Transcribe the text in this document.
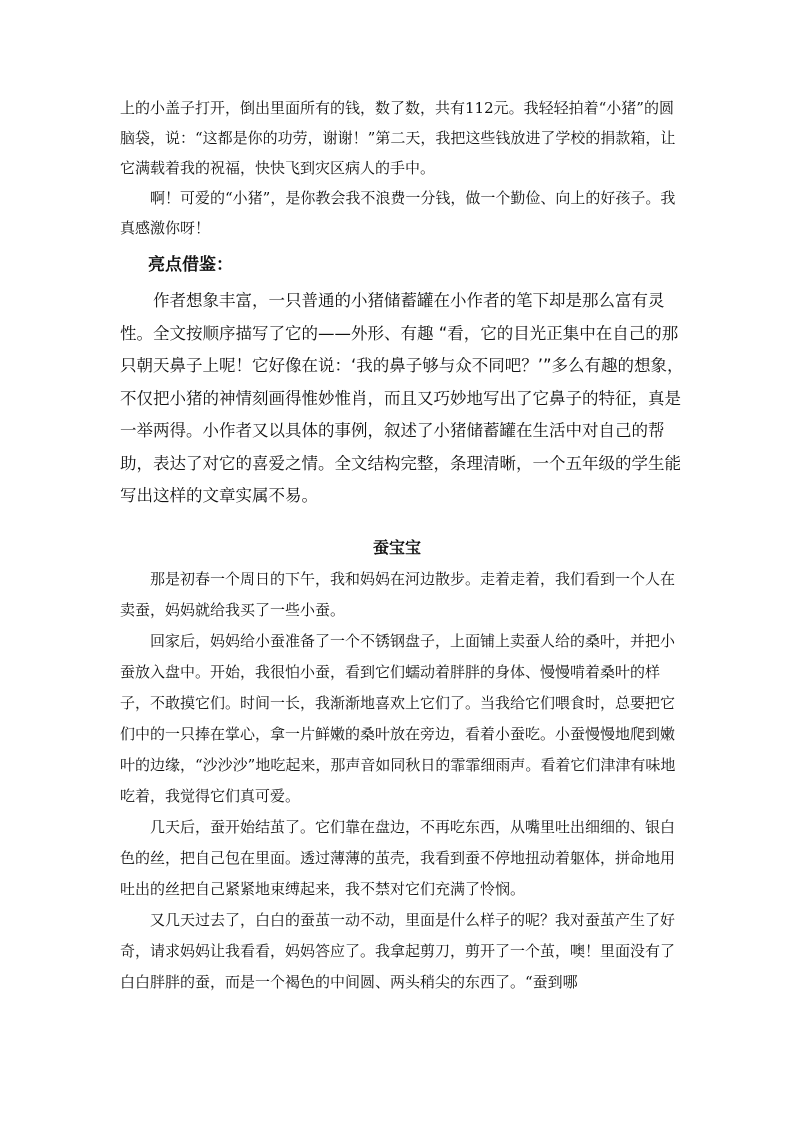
上的小盖子打开，倒出里面所有的钱，数了数，共有112元。我轻轻拍着“小猪”的圆脑袋，说：“这都是你的功劳，谢谢！”第二天，我把这些钱放进了学校的捐款箱，让它满载着我的祝福，快快飞到灾区病人的手中。

啊！可爱的“小猪”，是你教会我不浪费一分钱，做一个勤俭、向上的好孩子。我真感激你呀！

亮点借鉴：

作者想象丰富，一只普通的小猪储蓄罐在小作者的笔下却是那么富有灵性。全文按顺序描写了它的——外形、有趣 “看，它的目光正集中在自己的那只朝天鼻子上呢！它好像在说：‘我的鼻子够与众不同吧？’”多么有趣的想象，不仅把小猪的神情刻画得惟妙惟肖，而且又巧妙地写出了它鼻子的特征，真是一举两得。小作者又以具体的事例，叙述了小猪储蓄罐在生活中对自己的帮助，表达了对它的喜爱之情。全文结构完整，条理清晰，一个五年级的学生能写出这样的文章实属不易。

蚕宝宝

那是初春一个周日的下午，我和妈妈在河边散步。走着走着，我们看到一个人在卖蚕，妈妈就给我买了一些小蚕。

回家后，妈妈给小蚕准备了一个不锈钢盘子，上面铺上卖蚕人给的桑叶，并把小蚕放入盘中。开始，我很怕小蚕，看到它们蠕动着胖胖的身体、慢慢啃着桑叶的样子，不敢摸它们。时间一长，我渐渐地喜欢上它们了。当我给它们喂食时，总要把它们中的一只捧在掌心，拿一片鲜嫩的桑叶放在旁边，看着小蚕吃。小蚕慢慢地爬到嫩叶的边缘，“沙沙沙”地吃起来，那声音如同秋日的霏霏细雨声。看着它们津津有味地吃着，我觉得它们真可爱。

几天后，蚕开始结茧了。它们靠在盘边，不再吃东西，从嘴里吐出细细的、银白色的丝，把自己包在里面。透过薄薄的茧壳，我看到蚕不停地扭动着躯体，拼命地用吐出的丝把自己紧紧地束缚起来，我不禁对它们充满了怜悯。

又几天过去了，白白的蚕茧一动不动，里面是什么样子的呢？我对蚕茧产生了好奇，请求妈妈让我看看，妈妈答应了。我拿起剪刀，剪开了一个茧，噢！里面没有了白白胖胖的蚕，而是一个褐色的中间圆、两头稍尖的东西了。“蚕到哪
